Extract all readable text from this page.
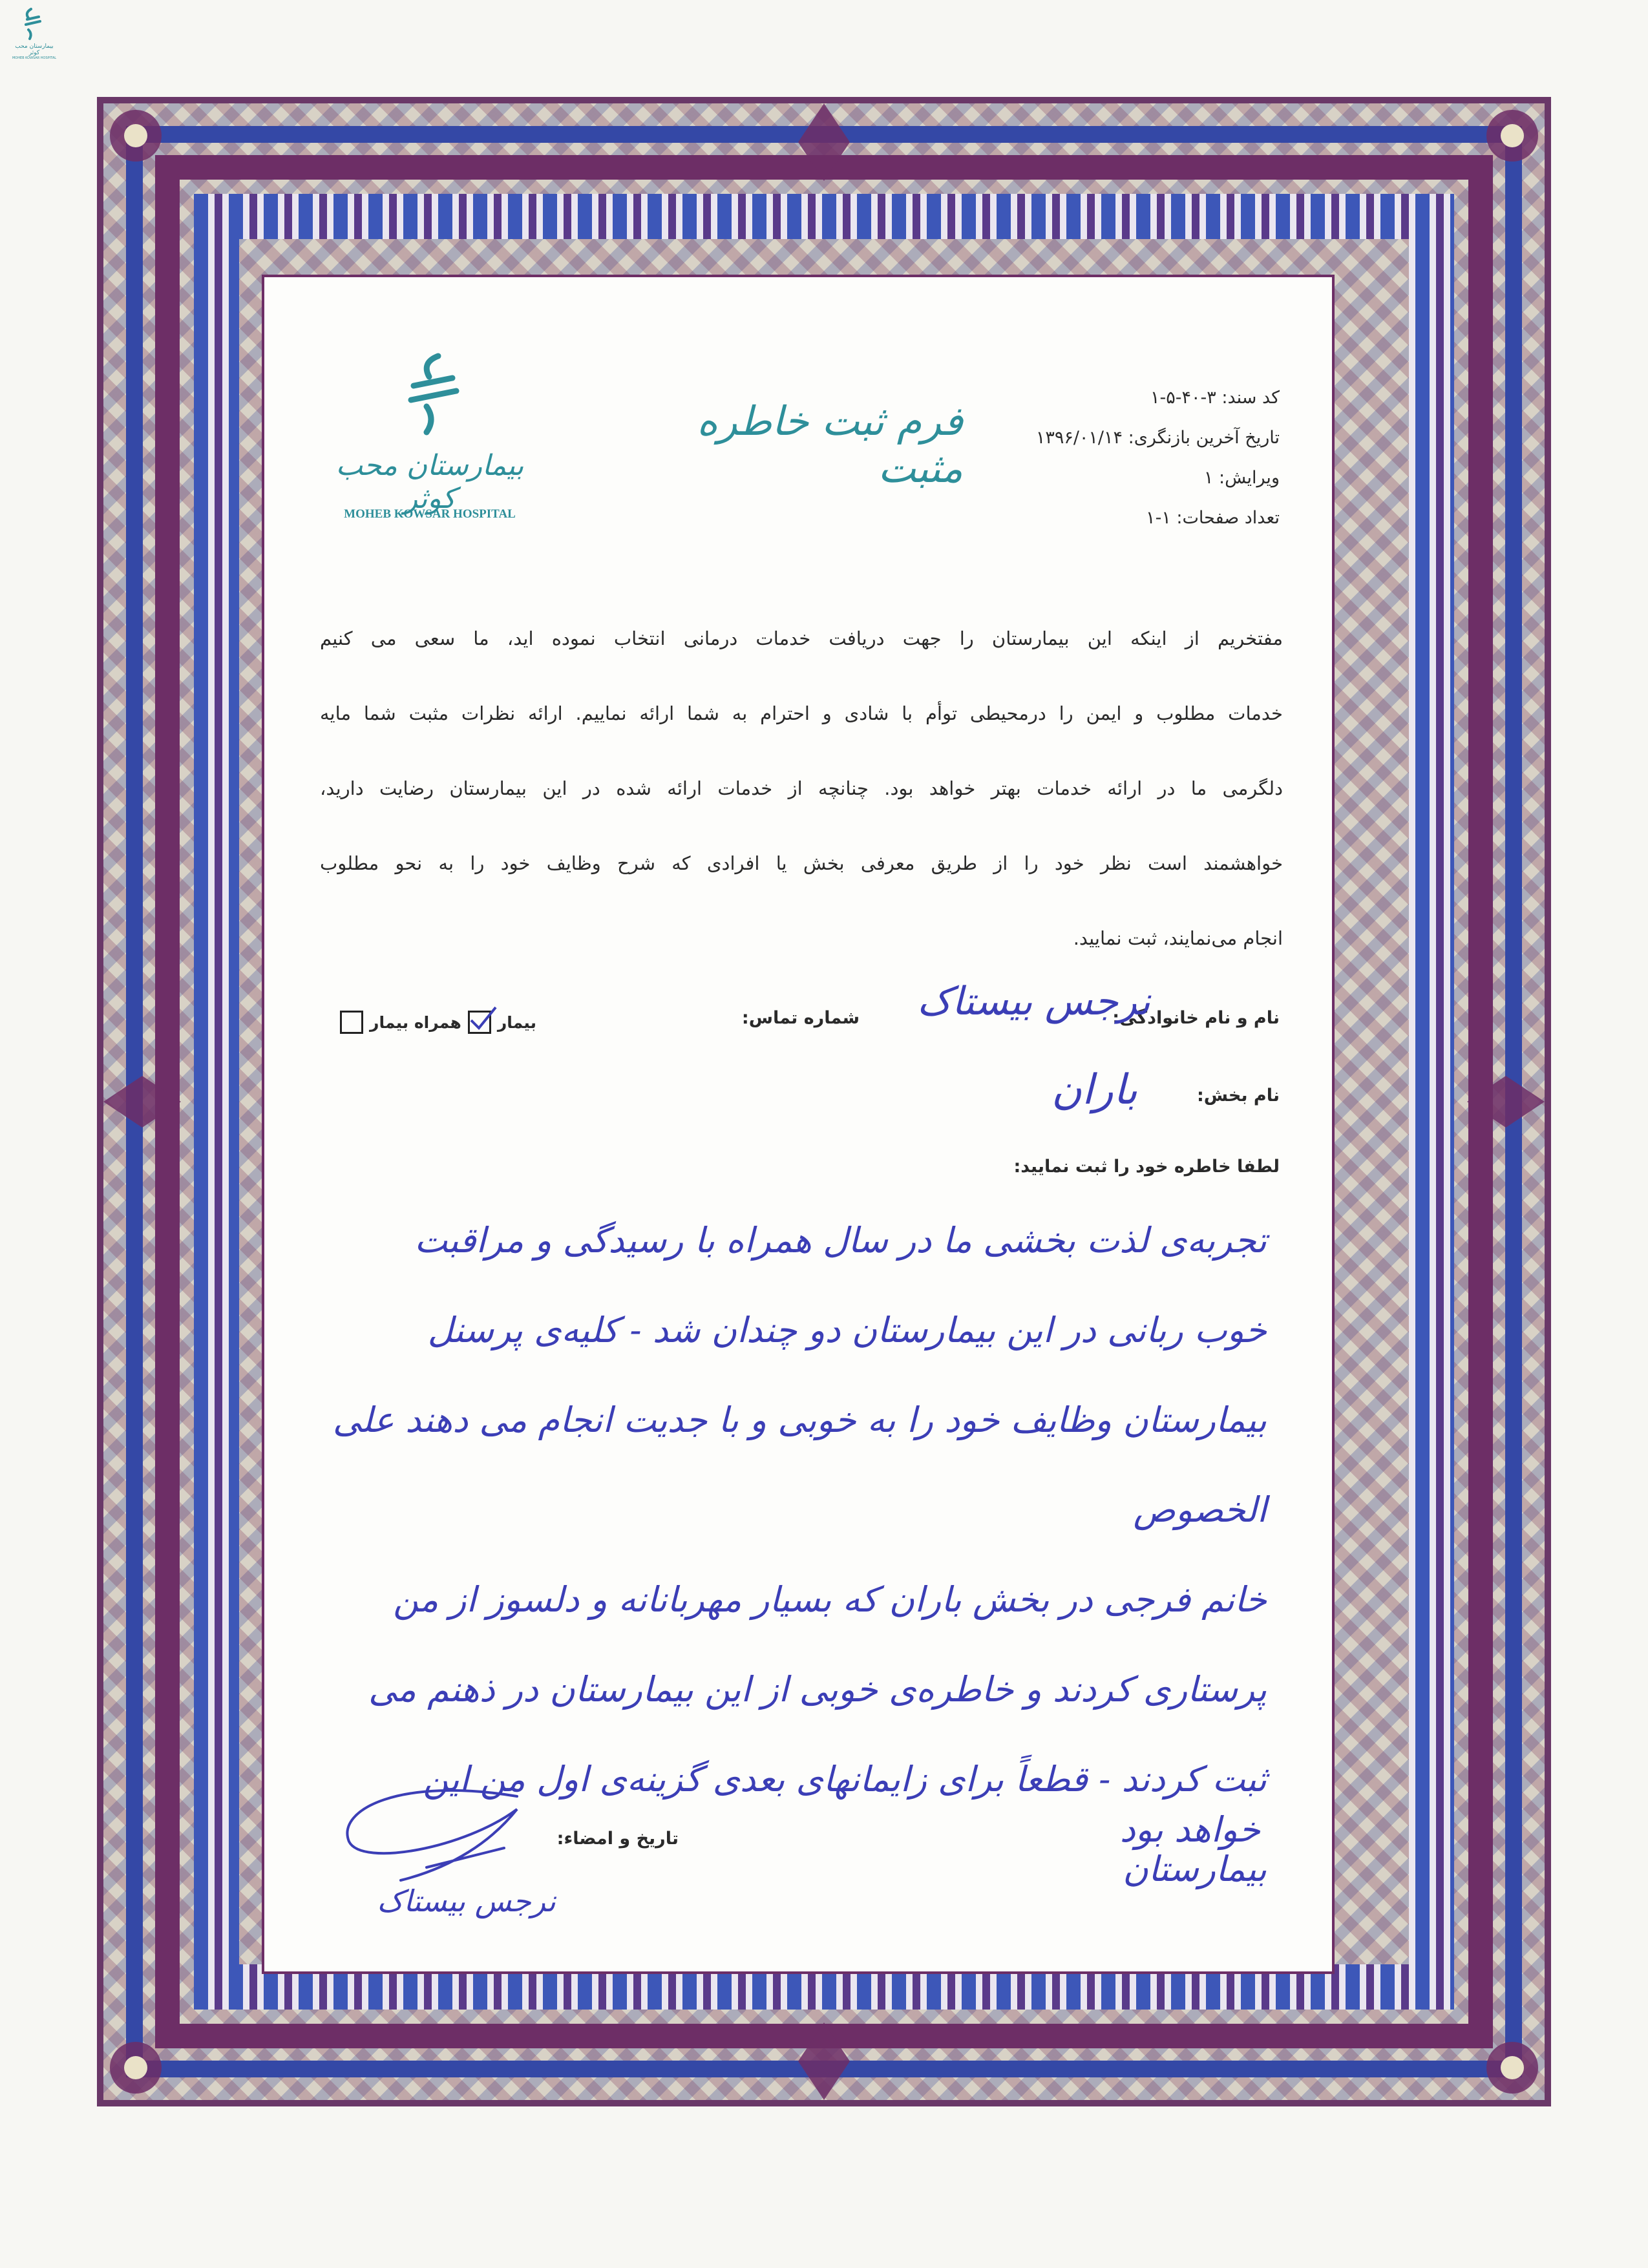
بیمارستان محب کوثر
MOHEB KOWSAR HOSPITAL
بیمارستان محب کوثر
MOHEB KOWSAR HOSPITAL
فرم ثبت خاطره مثبت
کد سند: ۳-۴۰-۵-۱
تاریخ آخرین بازنگری: ۱۳۹۶/۰۱/۱۴
ویرایش: ۱
تعداد صفحات: ۱-۱
مفتخریم از اینکه این بیمارستان را جهت دریافت خدمات درمانی انتخاب نموده اید، ما سعی می کنیم
خدمات مطلوب و ایمن را درمحیطی توأم با شادی و احترام به شما ارائه نماییم. ارائه نظرات مثبت شما مایه
دلگرمی ما در ارائه خدمات بهتر خواهد بود. چنانچه از خدمات ارائه شده در این بیمارستان رضایت دارید،
خواهشمند است نظر خود را از طریق معرفی بخش یا افرادی که شرح وظایف خود را به نحو مطلوب
انجام می‌نمایند، ثبت نمایید.
نام و نام خانوادگی:
نرجس بیستاک
شماره تماس:
بیمار
همراه بیمار
نام بخش:
باران
لطفا خاطره خود را ثبت نمایید:
تجربه‌ی لذت بخشی ما در سال همراه با رسیدگی و مراقبت
خوب ربانی در این بیمارستان دو چندان شد - کلیه‌ی پرسنل
بیمارستان وظایف خود را به خوبی و با جدیت انجام می دهند علی الخصوص
خانم فرجی در بخش باران که بسیار مهربانانه و دلسوز از من
پرستاری کردند و خاطره‌ی خوبی از این بیمارستان در ذهنم می
ثبت کردند - قطعاً برای زایمانهای بعدی گزینه‌ی اول من این بیمارستان
خواهد بود
تاریخ و امضاء:
نرجس بیستاک
